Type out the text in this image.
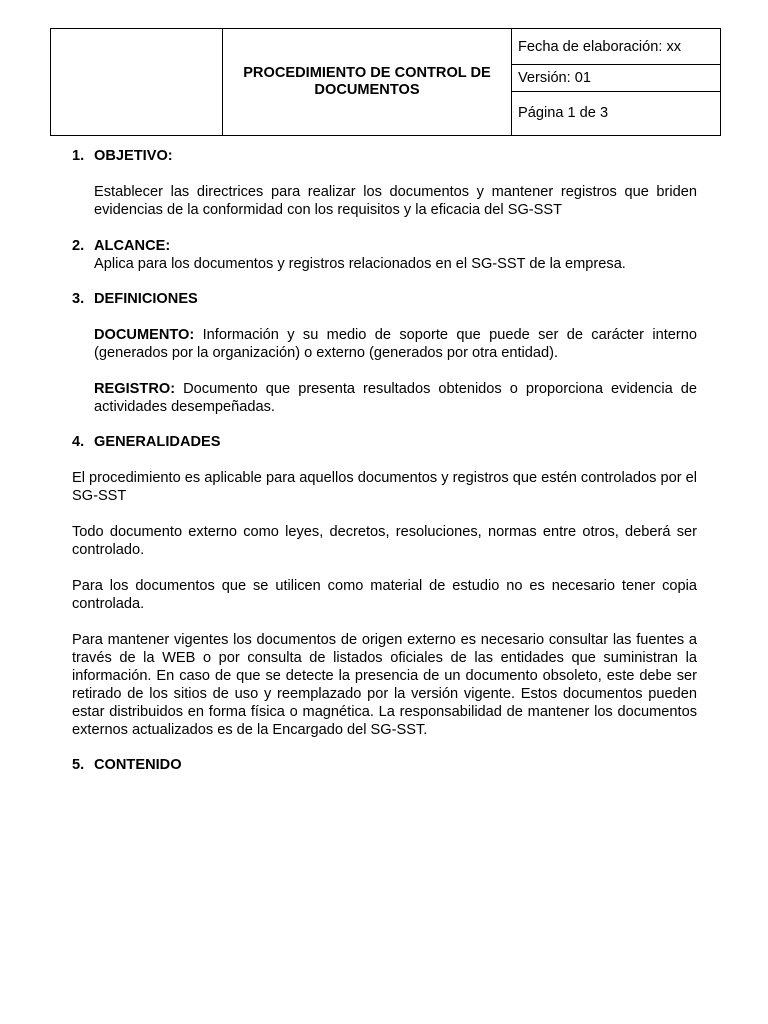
	PROCEDIMIENTO DE CONTROL DE DOCUMENTOS	Fecha de elaboración: xx
Versión: 01
Página 1 de 3
1. OBJETIVO:

Establecer las directrices para realizar los documentos y mantener registros que briden evidencias de la conformidad con los requisitos y la eficacia del SG-SST

2. ALCANCE:

Aplica para los documentos y registros relacionados en el SG-SST de la empresa.

3. DEFINICIONES

DOCUMENTO: Información y su medio de soporte que puede ser de carácter interno (generados por la organización) o externo (generados por otra entidad).

REGISTRO: Documento que presenta resultados obtenidos o proporciona evidencia de actividades desempeñadas.

4. GENERALIDADES

El procedimiento es aplicable para aquellos documentos y registros que estén controlados por el SG-SST

Todo documento externo como leyes, decretos, resoluciones, normas entre otros, deberá ser controlado.

Para los documentos que se utilicen como material de estudio no es necesario tener copia controlada.

Para mantener vigentes los documentos de origen externo es necesario consultar las fuentes a través de la WEB o por consulta de listados oficiales de las entidades que suministran la información. En caso de que se detecte la presencia de un documento obsoleto, este debe ser retirado de los sitios de uso y reemplazado por la versión vigente. Estos documentos pueden estar distribuidos en forma física o magnética. La responsabilidad de mantener los documentos externos actualizados es de la Encargado del SG-SST.

5. CONTENIDO
